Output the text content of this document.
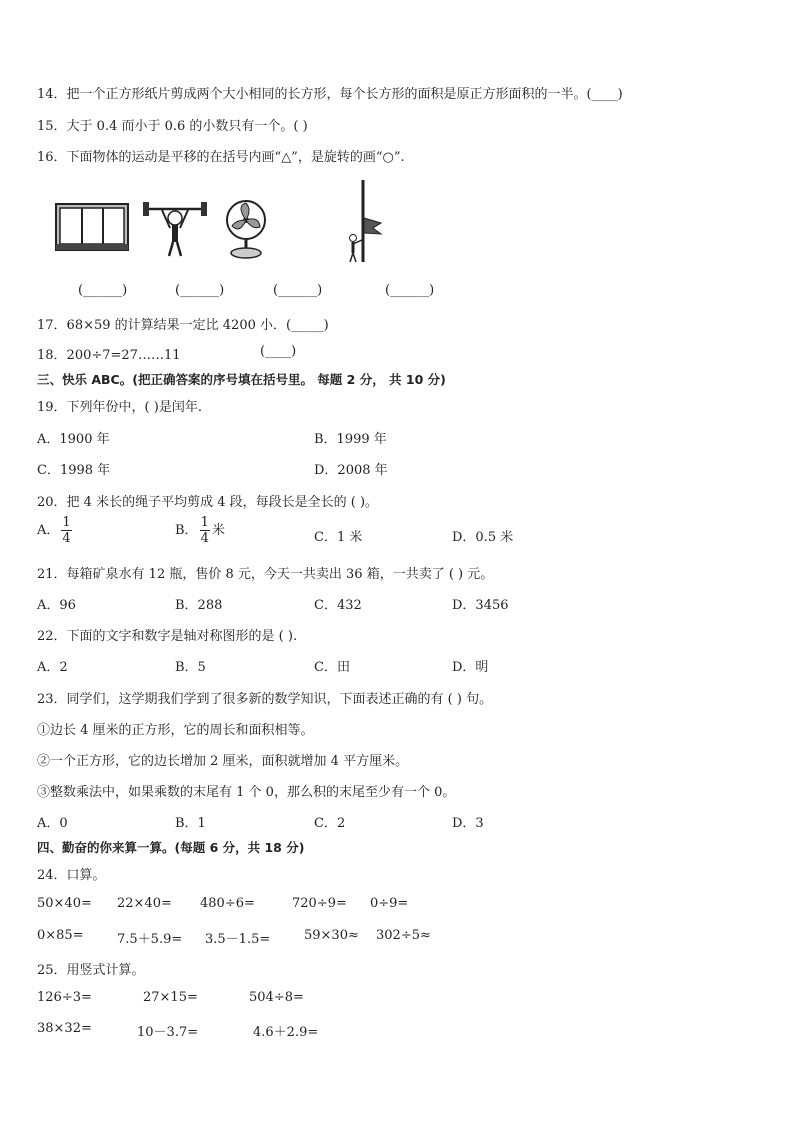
14．把一个正方形纸片剪成两个大小相同的长方形，每个长方形的面积是原正方形面积的一半。(____)
15．大于 0.4 而小于 0.6 的小数只有一个。( )
16．下面物体的运动是平移的在括号内画“△”，是旋转的画“○”.
(______)	(______)	(______)	(______)
17．68×59 的计算结果一定比 4200 小．(_____)
18．200÷7=27……11	(____)
三、快乐 ABC。(把正确答案的序号填在括号里。 每题 2 分， 共 10 分)
19．下列年份中，( )是闰年.
A．1900 年	B．1999 年
C．1998 年	D．2008 年
20．把 4 米长的绳子平均剪成 4 段，每段长是全长的 ( )。
A． $\frac{1}{4}$	B． $\frac{1}{4}$ 米	C．1 米	D．0.5 米
21．每箱矿泉水有 12 瓶，售价 8 元，今天一共卖出 36 箱，一共卖了 ( ) 元。
A．96	B．288	C．432	D．3456
22．下面的文字和数字是轴对称图形的是 ( ).
A．2	B．5	C．田	D．明
23．同学们，这学期我们学到了很多新的数学知识，下面表述正确的有 ( ) 句。
①边长 4 厘米的正方形，它的周长和面积相等。
②一个正方形，它的边长增加 2 厘米，面积就增加 4 平方厘米。
③整数乘法中，如果乘数的末尾有 1 个 0，那么积的末尾至少有一个 0。
A．0	B．1	C．2	D．3
四、勤奋的你来算一算。(每题 6 分，共 18 分)
24．口算。
50×40= 22×40= 480÷6=	720÷9= 0÷9=
0×85=	7.5＋5.9= 3.5－1.5=	59×30≈ 302÷5≈
25．用竖式计算。
126÷3=	27×15=	504÷8=
38×32=	10－3.7=	4.6＋2.9=
